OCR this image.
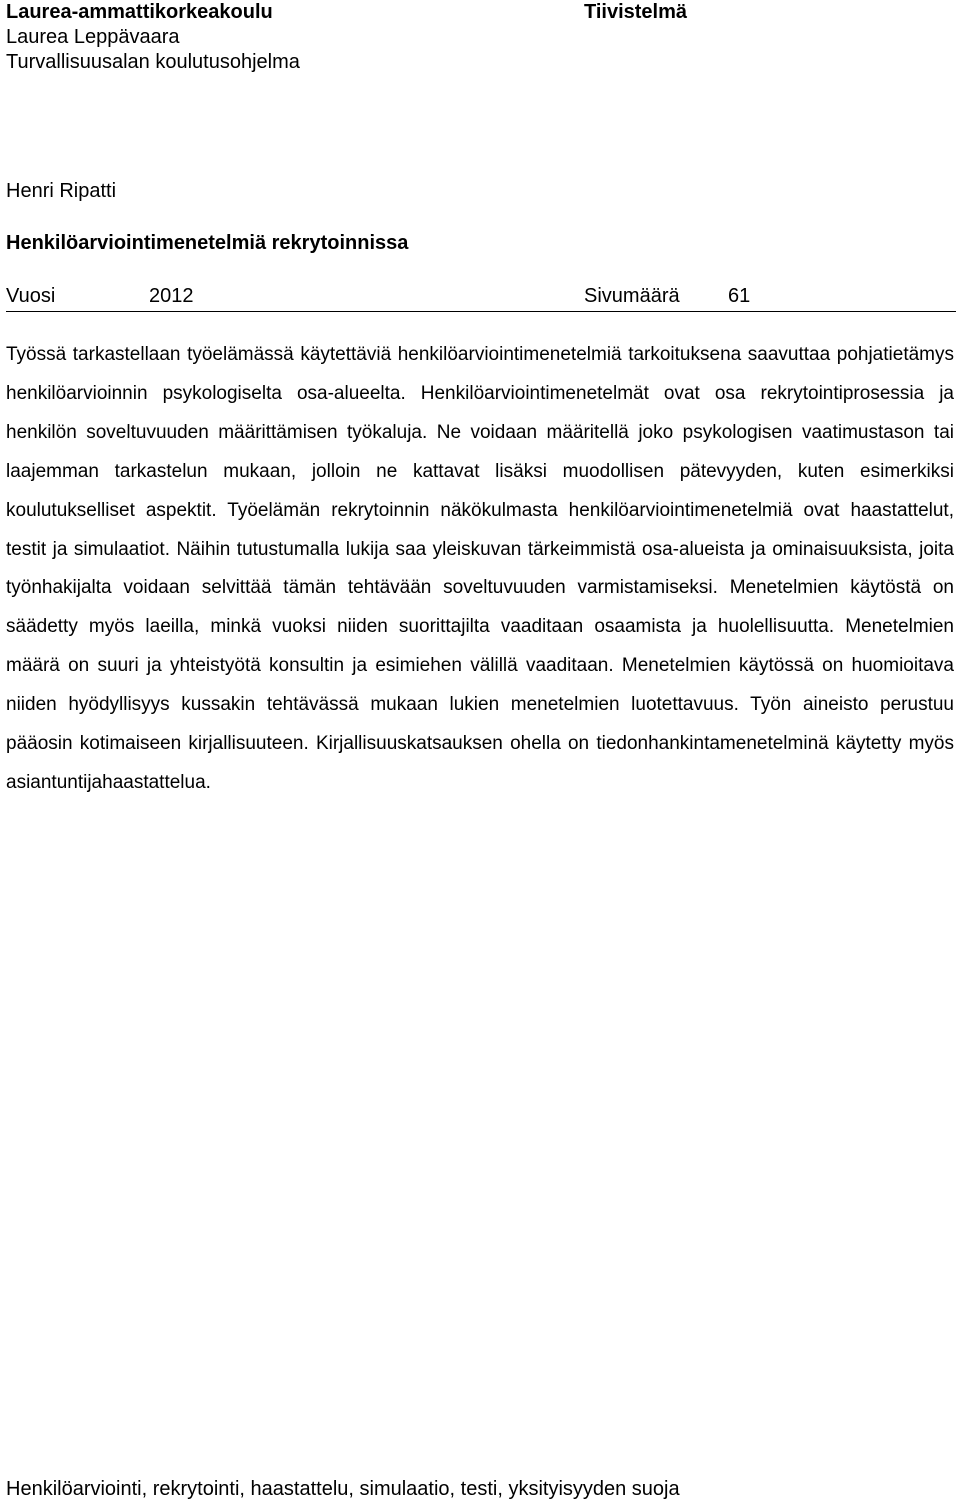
Laurea-ammattikorkeakoulu
Laurea Leppävaara
Turvallisuusalan koulutusohjelma
Tiivistelmä
Henri Ripatti
Henkilöarviointimenetelmiä rekrytoinnissa
Vuosi	2012	Sivumäärä 61

Työssä tarkastellaan työelämässä käytettäviä henkilöarviointimenetelmiä tarkoituksena saavuttaa pohjatietämys henkilöarvioinnin psykologiselta osa-alueelta. Henkilöarviointimenetelmät ovat osa rekrytointiprosessia ja henkilön soveltuvuuden määrittämisen työkaluja. Ne voidaan määritellä joko psykologisen vaatimustason tai laajemman tarkastelun mukaan, jolloin ne kattavat lisäksi muodollisen pätevyyden, kuten esimerkiksi koulutukselliset aspektit. Työelämän rekrytoinnin näkökulmasta henkilöarviointimenetelmiä ovat haastattelut, testit ja simulaatiot. Näihin tutustumalla lukija saa yleiskuvan tärkeimmistä osa-alueista ja ominaisuuksista, joita työnhakijalta voidaan selvittää tämän tehtävään soveltuvuuden varmistamiseksi. Menetelmien käytöstä on säädetty myös laeilla, minkä vuoksi niiden suorittajilta vaaditaan osaamista ja huolellisuutta. Menetelmien määrä on suuri ja yhteistyötä konsultin ja esimiehen välillä vaaditaan. Menetelmien käytössä on huomioitava niiden hyödyllisyys kussakin tehtävässä mukaan lukien menetelmien luotettavuus. Työn aineisto perustuu pääosin kotimaiseen kirjallisuuteen. Kirjallisuuskatsauksen ohella on tiedonhankintamenetelminä käytetty myös asiantuntijahaastattelua.

Henkilöarviointi, rekrytointi, haastattelu, simulaatio, testi, yksityisyyden suoja
